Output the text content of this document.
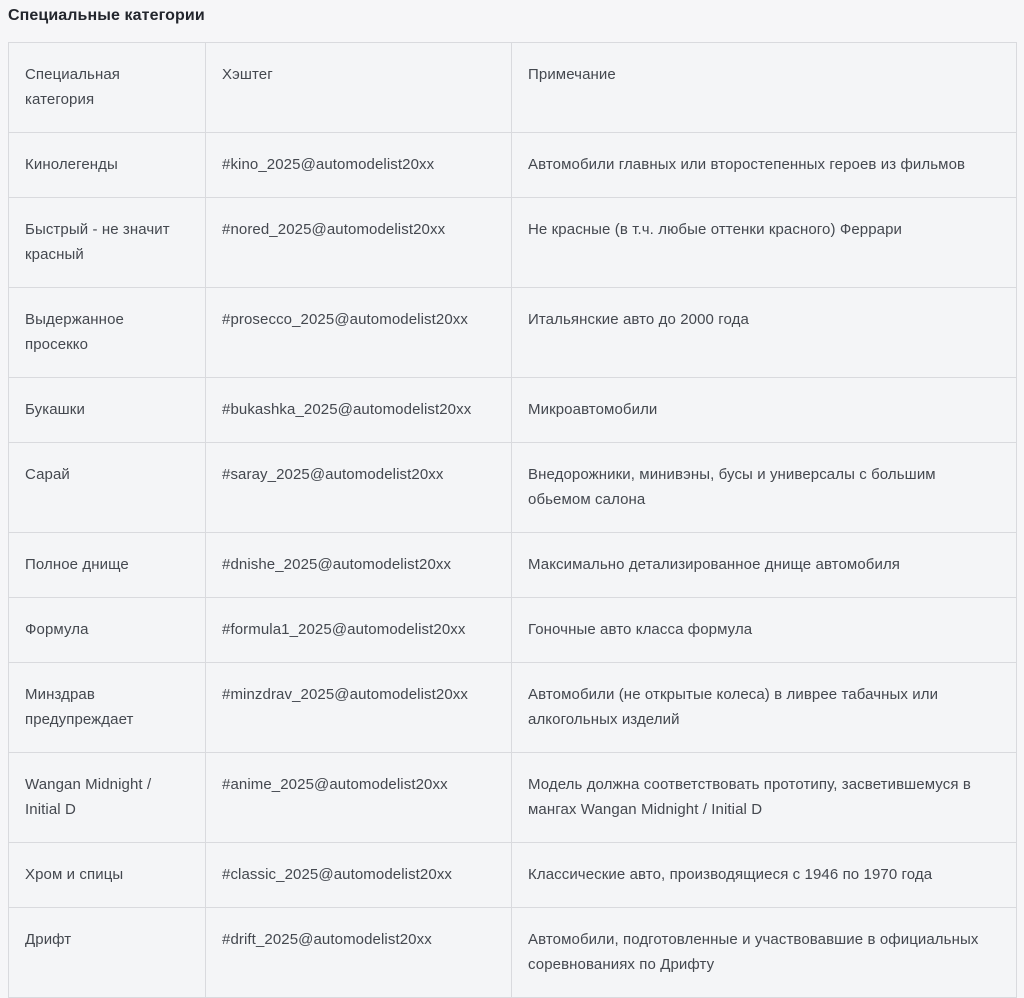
Специальные категории
Специальная категория	Хэштег	Примечание
Кинолегенды	#kino_2025@automodelist20xx	Автомобили главных или второстепенных героев из фильмов
Быстрый - не значит красный	#nored_2025@automodelist20xx	Не красные (в т.ч. любые оттенки красного) Феррари
Выдержанное просекко	#prosecco_2025@automodelist20xx	Итальянские авто до 2000 года
Букашки	#bukashka_2025@automodelist20xx	Микроавтомобили
Сарай	#saray_2025@automodelist20xx	Внедорожники, минивэны, бусы и универсалы с большим обьемом салона
Полное днище	#dnishe_2025@automodelist20xx	Максимально детализированное днище автомобиля
Формула	#formula1_2025@automodelist20xx	Гоночные авто класса формула
Минздрав предупреждает	#minzdrav_2025@automodelist20xx	Автомобили (не открытые колеса) в ливрее табачных или алкогольных изделий
Wangan Midnight / Initial D	#anime_2025@automodelist20xx	Модель должна соответствовать прототипу, засветившемуся в мангах Wangan Midnight / Initial D
Хром и спицы	#classic_2025@automodelist20xx	Классические авто, производящиеся с 1946 по 1970 года
Дрифт	#drift_2025@automodelist20xx	Автомобили, подготовленные и участвовавшие в официальных соревнованиях по Дрифту
